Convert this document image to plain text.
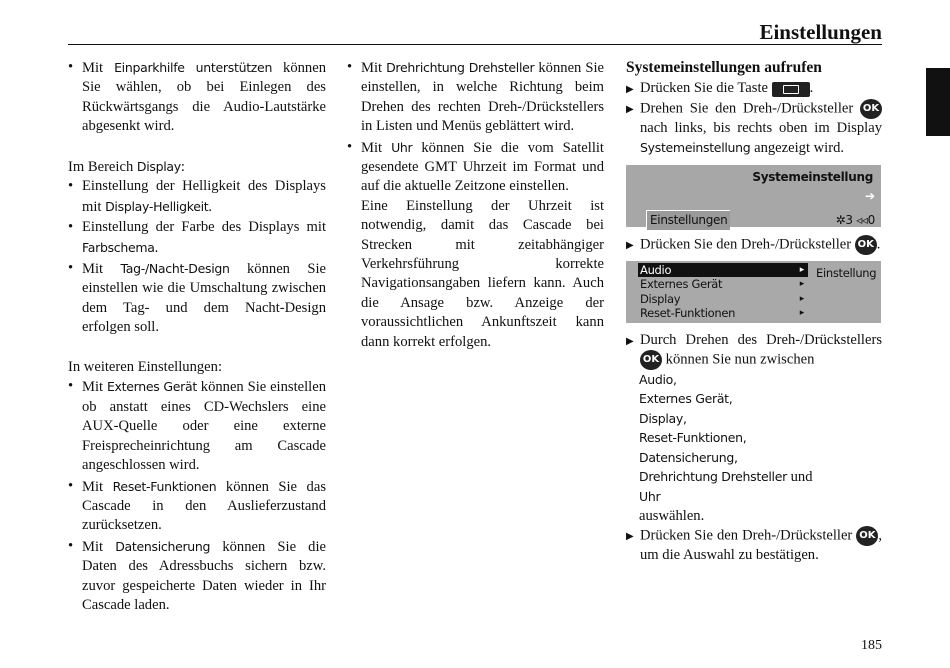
Einstellungen
• Mit Einparkhilfe unterstützen können Sie wählen, ob bei Einlegen des Rückwärtsgangs die Audio-Lautstärke abgesenkt wird.

Im Bereich Display:

• Einstellung der Helligkeit des Displays mit Display-Helligkeit.
• Einstellung der Farbe des Displays mit Farbschema.
• Mit Tag-/Nacht-Design können Sie einstellen wie die Umschaltung zwischen dem Tag- und dem Nacht-Design erfolgen soll.

In weiteren Einstellungen:

• Mit Externes Gerät können Sie einstellen ob anstatt eines CD-Wechslers eine AUX-Quelle oder eine externe Freisprecheinrichtung am Cascade angeschlossen wird.
• Mit Reset-Funktionen können Sie das Cascade in den Auslieferzustand zurücksetzen.
• Mit Datensicherung können Sie die Daten des Adressbuchs sichern bzw. zuvor gespeicherte Daten wieder in Ihr Cascade laden.
• Mit Drehrichtung Drehsteller können Sie einstellen, in welche Richtung beim Drehen des rechten Dreh-/Drückstellers in Listen und Menüs geblättert wird.
• Mit Uhr können Sie die vom Satellit gesendete GMT Uhrzeit im Format und auf die aktuelle Zeitzone einstellen.

Eine Einstellung der Uhrzeit ist notwendig, damit das Cascade bei Strecken mit zeitabhängiger Verkehrsführung korrekte Navigationsangaben liefern kann. Auch die Ansage bzw. Anzeige der voraussichtlichen Ankunftszeit kann dann korrekt erfolgen.

Systemeinstellungen aufrufen
▶ Drücken Sie die Taste	.
▶ Drehen Sie den Dreh-/Drücksteller OK nach links, bis rechts oben im Display Systemeinstellung angezeigt wird.
Systemeinstellung
➔
Einstellungen	✲3 ◃◃0
▶ Drücken Sie den Dreh-/Drücksteller OK .
Audio	▸
Externes Gerät	▸
Display	▸
Reset-Funktionen	▸
Einstellung
▶ Durch Drehen des Dreh-/Drückstellers OK können Sie nun zwischen
Audio,
Externes Gerät,
Display,
Reset-Funktionen,
Datensicherung,
Drehrichtung Drehsteller und
Uhr
auswählen.
▶ Drücken Sie den Dreh-/Drücksteller OK , um die Auswahl zu bestätigen.
185
